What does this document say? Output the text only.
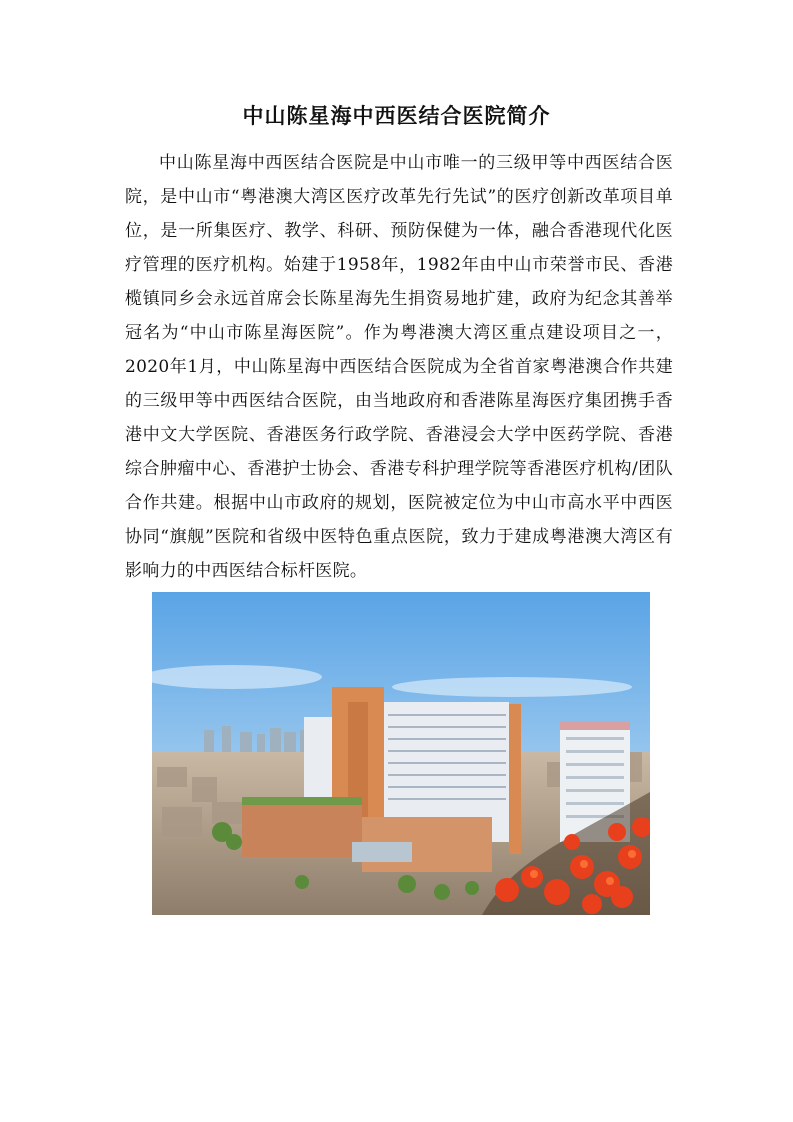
中山陈星海中西医结合医院简介

中山陈星海中西医结合医院是中山市唯一的三级甲等中西医结合医院，是中山市“粤港澳大湾区医疗改革先行先试”的医疗创新改革项目单位，是一所集医疗、教学、科研、预防保健为一体，融合香港现代化医疗管理的医疗机构。始建于1958年，1982年由中山市荣誉市民、香港榄镇同乡会永远首席会长陈星海先生捐资易地扩建，政府为纪念其善举冠名为“中山市陈星海医院”。作为粤港澳大湾区重点建设项目之一，2020年1月，中山陈星海中西医结合医院成为全省首家粤港澳合作共建的三级甲等中西医结合医院，由当地政府和香港陈星海医疗集团携手香港中文大学医院、香港医务行政学院、香港浸会大学中医药学院、香港综合肿瘤中心、香港护士协会、香港专科护理学院等香港医疗机构/团队合作共建。根据中山市政府的规划，医院被定位为中山市高水平中西医协同“旗舰”医院和省级中医特色重点医院，致力于建成粤港澳大湾区有影响力的中西医结合标杆医院。
